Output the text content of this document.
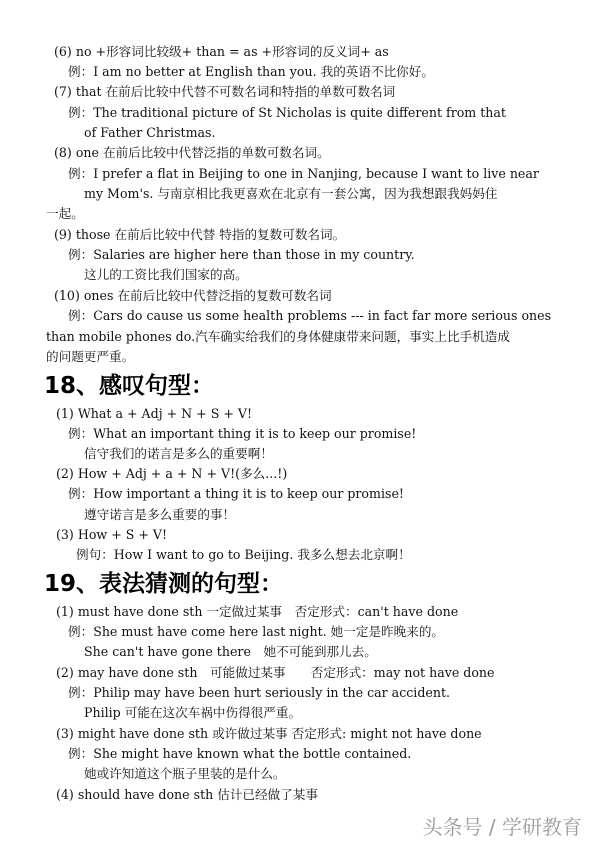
(6) no +形容词比较级+ than = as +形容词的反义词+ as
例：I am no better at English than you. 我的英语不比你好。
(7) that 在前后比较中代替不可数名词和特指的单数可数名词
例：The traditional picture of St Nicholas is quite different from that
of Father Christmas.
(8) one 在前后比较中代替泛指的单数可数名词。
例：I prefer a flat in Beijing to one in Nanjing, because I want to live near
my Mom's. 与南京相比我更喜欢在北京有一套公寓，因为我想跟我妈妈住
一起。
(9) those 在前后比较中代替 特指的复数可数名词。
例：Salaries are higher here than those in my country.
这儿的工资比我们国家的高。
(10) ones 在前后比较中代替泛指的复数可数名词
例：Cars do cause us some health problems --- in fact far more serious ones
than mobile phones do.汽车确实给我们的身体健康带来问题，事实上比手机造成
的问题更严重。
18、感叹句型：
(1) What a + Adj + N + S + V!
例：What an important thing it is to keep our promise!
信守我们的诺言是多么的重要啊！
(2) How + Adj + a + N + V!(多么...!)
例：How important a thing it is to keep our promise!
遵守诺言是多么重要的事！
(3) How + S + V!
例句：How I want to go to Beijing. 我多么想去北京啊！
19、表法猜测的句型：
(1) must have done sth 一定做过某事　否定形式：can't have done
例：She must have come here last night. 她一定是昨晚来的。
She can't have gone there　她不可能到那儿去。
(2) may have done sth　可能做过某事　　否定形式：may not have done
例：Philip may have been hurt seriously in the car accident.
Philip 可能在这次车祸中伤得很严重。
(3) might have done sth 或许做过某事 否定形式: might not have done
例：She might have known what the bottle contained.
她或许知道这个瓶子里装的是什么。
(4) should have done sth 估计已经做了某事
头条号 / 学研教育
